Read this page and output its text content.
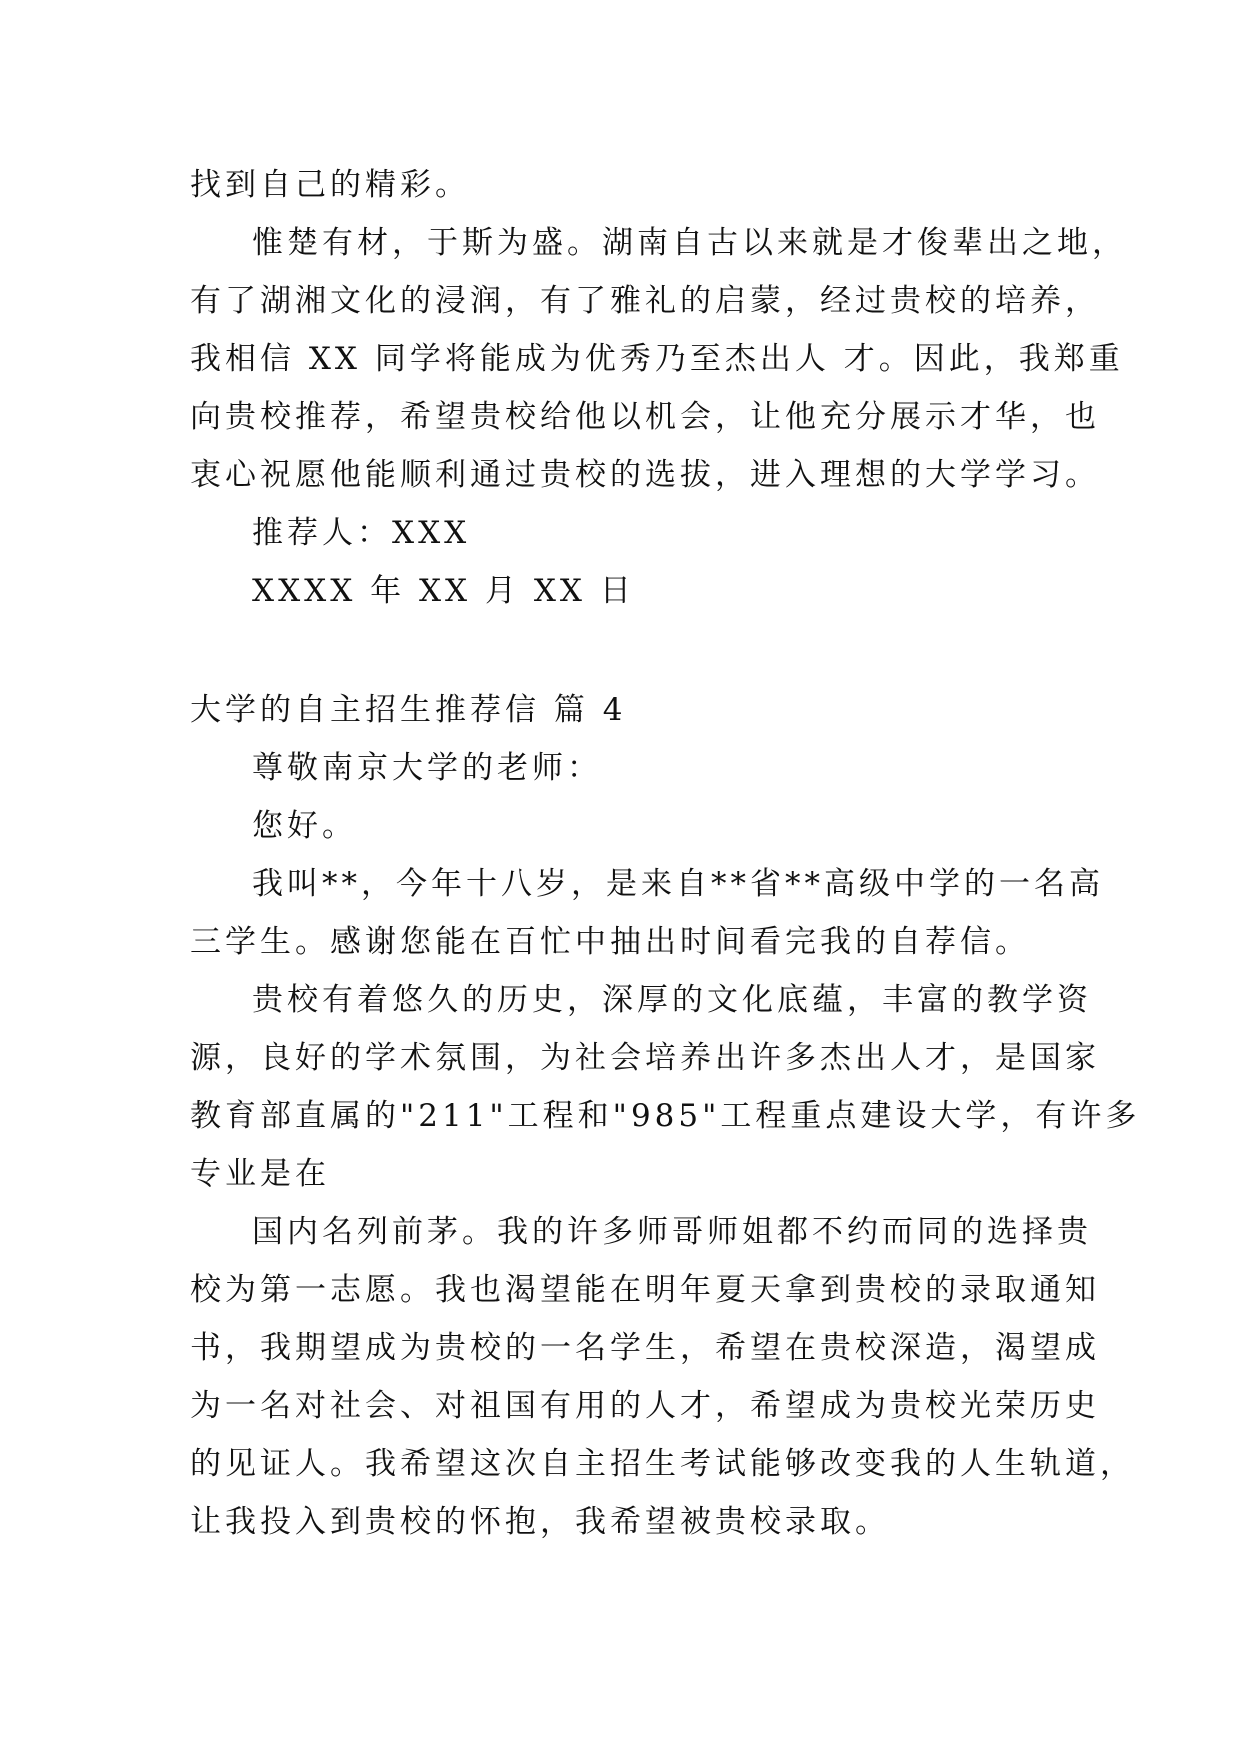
找到自己的精彩。
惟楚有材，于斯为盛。湖南自古以来就是才俊辈出之地，
有了湖湘文化的浸润，有了雅礼的启蒙，经过贵校的培养，
我相信 XX 同学将能成为优秀乃至杰出人 才。因此，我郑重
向贵校推荐，希望贵校给他以机会，让他充分展示才华，也
衷心祝愿他能顺利通过贵校的选拔，进入理想的大学学习。
推荐人：XXX
XXXX 年 XX 月 XX 日
大学的自主招生推荐信 篇 4
尊敬南京大学的老师：
您好。
我叫**，今年十八岁，是来自**省**高级中学的一名高
三学生。感谢您能在百忙中抽出时间看完我的自荐信。
贵校有着悠久的历史，深厚的文化底蕴，丰富的教学资
源，良好的学术氛围，为社会培养出许多杰出人才，是国家
教育部直属的"211"工程和"985"工程重点建设大学，有许多
专业是在
国内名列前茅。我的许多师哥师姐都不约而同的选择贵
校为第一志愿。我也渴望能在明年夏天拿到贵校的录取通知
书，我期望成为贵校的一名学生，希望在贵校深造，渴望成
为一名对社会、对祖国有用的人才，希望成为贵校光荣历史
的见证人。我希望这次自主招生考试能够改变我的人生轨道，
让我投入到贵校的怀抱，我希望被贵校录取。
